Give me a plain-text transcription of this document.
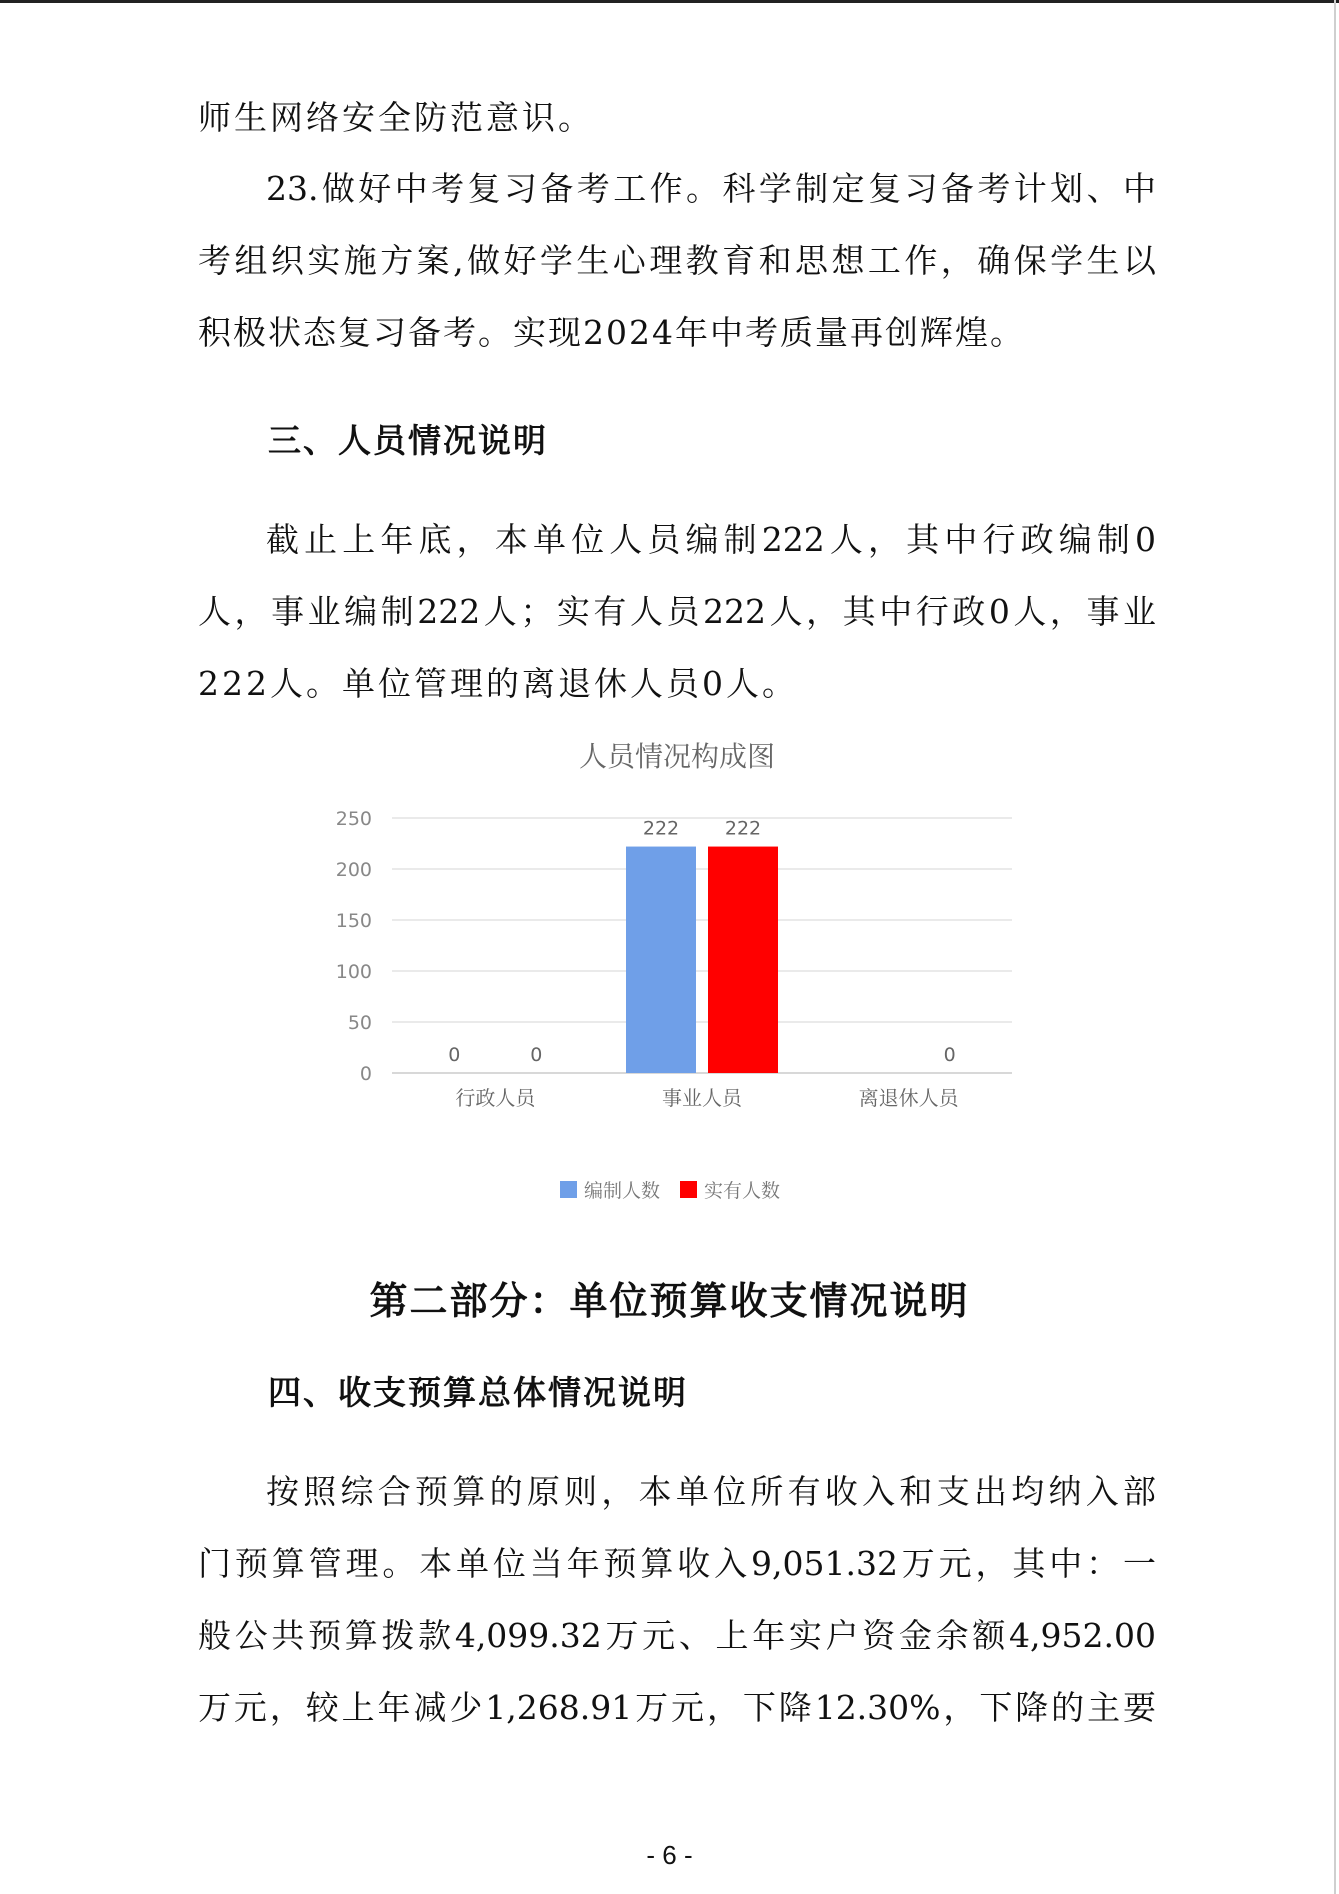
师生网络安全防范意识。

23.做好中考复习备考工作。科学制定复习备考计划、中

考组织实施方案,做好学生心理教育和思想工作，确保学生以

积极状态复习备考。实现2024年中考质量再创辉煌。

三、人员情况说明

截止上年底，本单位人员编制222人，其中行政编制0

人，事业编制222人；实有人员222人，其中行政0人，事业

222人。单位管理的离退休人员0人。

人员情况构成图
0
50
100
150
200
250
0	0
222 222
0
行政人员	事业人员	离退休人员
编制人数 实有人数
第二部分：单位预算收支情况说明
四、收支预算总体情况说明

按照综合预算的原则，本单位所有收入和支出均纳入部

门预算管理。本单位当年预算收入9,051.32万元，其中：一

般公共预算拨款4,099.32万元、上年实户资金余额4,952.00

万元，较上年减少1,268.91万元，下降12.30%，下降的主要

- 6 -
